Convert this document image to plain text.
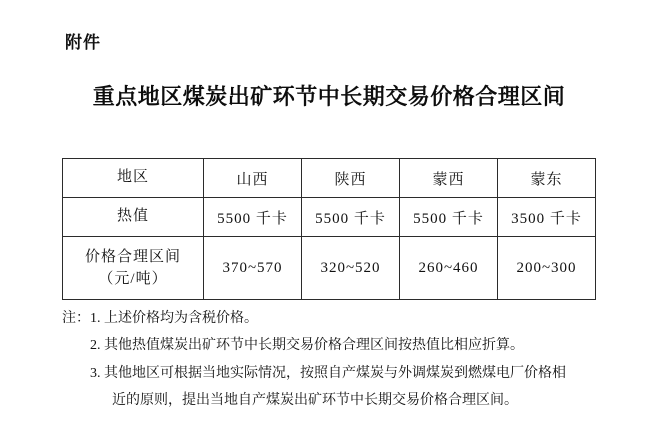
附件
重点地区煤炭出矿环节中长期交易价格合理区间
地区	山西	陕西	蒙西	蒙东
热值	5500 千卡	5500 千卡	5500 千卡	3500 千卡

价格合理区间
（元/吨）	370~570	320~520	260~460	200~300
注：1. 上述价格均为含税价格。
2. 其他热值煤炭出矿环节中长期交易价格合理区间按热值比相应折算。
3. 其他地区可根据当地实际情况，按照自产煤炭与外调煤炭到燃煤电厂价格相
近的原则，提出当地自产煤炭出矿环节中长期交易价格合理区间。
